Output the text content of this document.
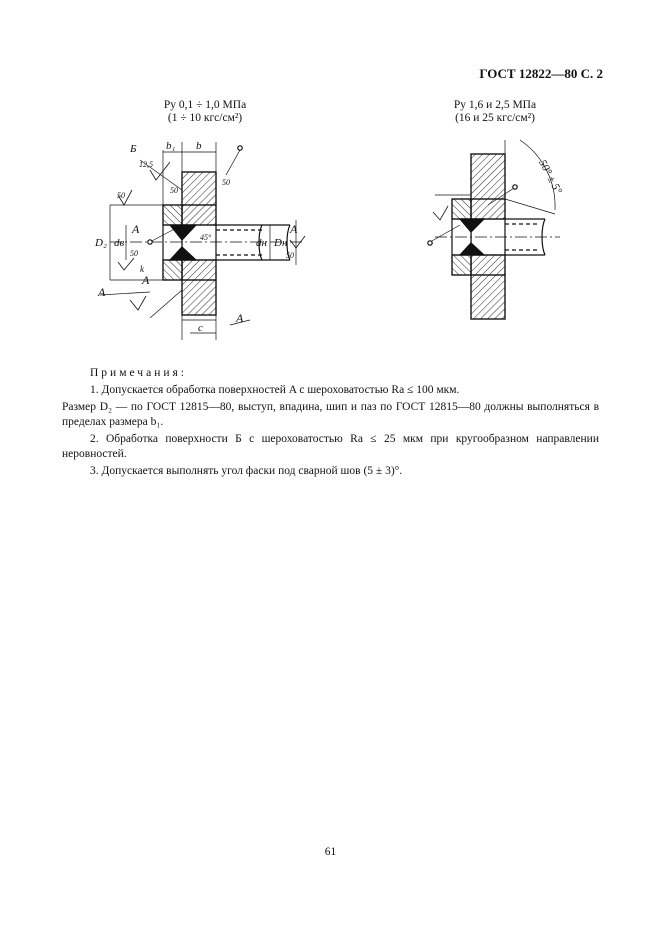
ГОСТ 12822—80 С. 2
Pу 0,1 ÷ 1,0 МПа
(1 ÷ 10 кгс/см²)
Pу 1,6 и 2,5 МПа
(16 и 25 кгс/см²)
Б	b₁ b
12,5
50
50
50
50	50
D₂ dв	dн Dн
A	A
A
A
A
45°
k
c
50° ± 5°

Примечания:

1. Допускается обработка поверхностей A с шероховатостью Ra ≤ 100 мкм.

Размер D₂ — по ГОСТ 12815—80, выступ, впадина, шип и паз по ГОСТ 12815—80 должны выполняться в пределах размера b₁.

2. Обработка поверхности Б с шероховатостью Ra ≤ 25 мкм при кругообразном направлении неровностей.

3. Допускается выполнять угол фаски под сварной шов (5 ± 3)°.

61
